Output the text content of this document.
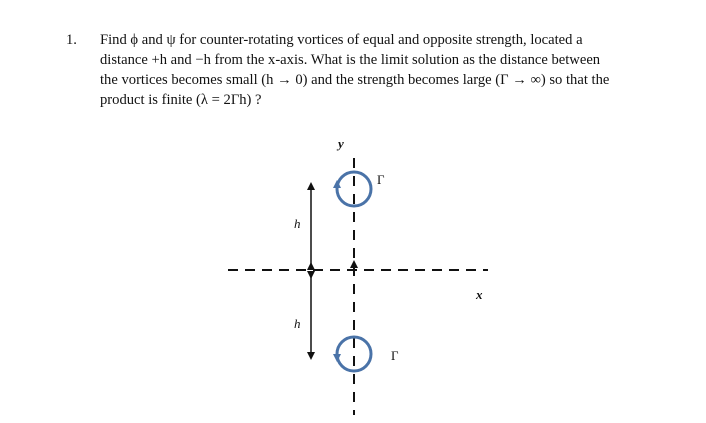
1. Find ϕ and ψ for counter-rotating vortices of equal and opposite strength, located a
distance +h and −h from the x-axis. What is the limit solution as the distance between
the vortices becomes small (h → 0) and the strength becomes large (Γ → ∞) so that the
product is finite (λ = 2Γh) ?
y
x
h
h
Γ
Γ
